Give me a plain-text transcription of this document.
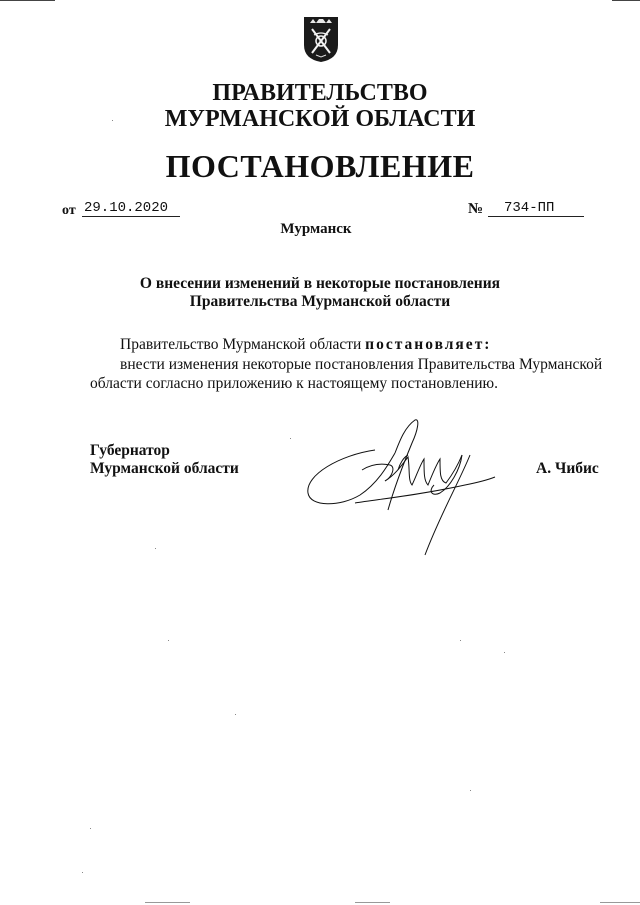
ПРАВИТЕЛЬСТВО
МУРМАНСКОЙ ОБЛАСТИ
ПОСТАНОВЛЕНИЕ
от 29.10.2020	№	734-ПП
Мурманск
О внесении изменений в некоторые постановления
Правительства Мурманской области
Правительство Мурманской области постановляет:
внести изменения некоторые постановления Правительства Мурманской
области согласно приложению к настоящему постановлению.
Губернатор
Мурманской области	А. Чибис
